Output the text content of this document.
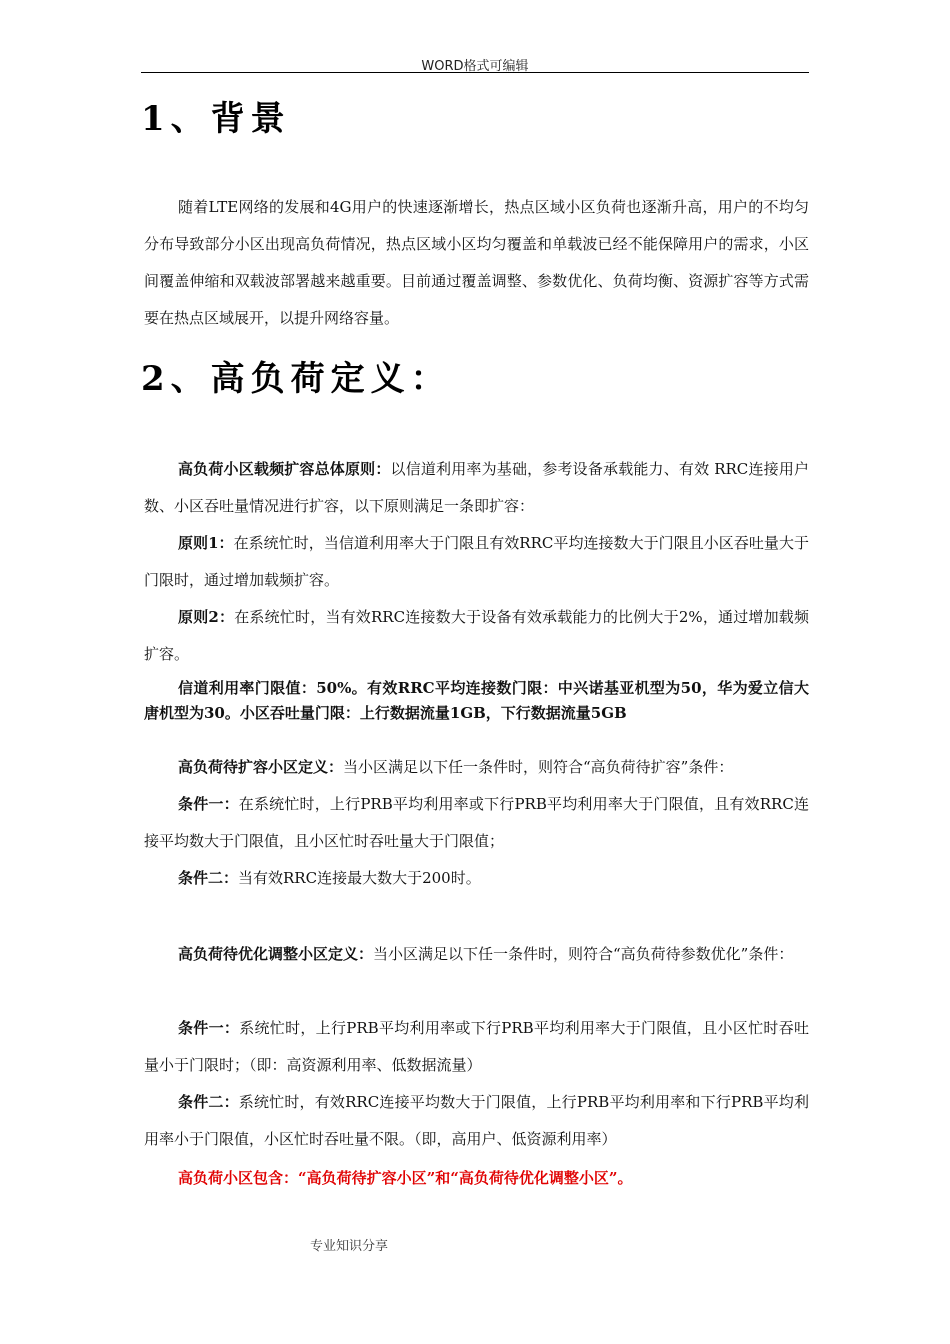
WORD格式可编辑
1、背景

随着LTE网络的发展和4G用户的快速逐渐增长，热点区域小区负荷也逐渐升高，用户的不均匀分布导致部分小区出现高负荷情况，热点区域小区均匀覆盖和单载波已经不能保障用户的需求，小区间覆盖伸缩和双载波部署越来越重要。目前通过覆盖调整、参数优化、负荷均衡、资源扩容等方式需要在热点区域展开，以提升网络容量。

2、高负荷定义：

高负荷小区载频扩容总体原则：以信道利用率为基础，参考设备承载能力、有效 RRC连接用户数、小区吞吐量情况进行扩容，以下原则满足一条即扩容：

原则1：在系统忙时，当信道利用率大于门限且有效RRC平均连接数大于门限且小区吞吐量大于门限时，通过增加载频扩容。

原则2：在系统忙时，当有效RRC连接数大于设备有效承载能力的比例大于2%，通过增加载频扩容。

信道利用率门限值：50%。有效RRC平均连接数门限：中兴诺基亚机型为50，华为爱立信大唐机型为30。小区吞吐量门限：上行数据流量1GB，下行数据流量5GB

高负荷待扩容小区定义：当小区满足以下任一条件时，则符合“高负荷待扩容”条件：

条件一：在系统忙时，上行PRB平均利用率或下行PRB平均利用率大于门限值，且有效RRC连接平均数大于门限值，且小区忙时吞吐量大于门限值；

条件二：当有效RRC连接最大数大于200时。

高负荷待优化调整小区定义：当小区满足以下任一条件时，则符合“高负荷待参数优化”条件：

条件一：系统忙时，上行PRB平均利用率或下行PRB平均利用率大于门限值，且小区忙时吞吐量小于门限时；（即：高资源利用率、低数据流量）

条件二：系统忙时，有效RRC连接平均数大于门限值，上行PRB平均利用率和下行PRB平均利用率小于门限值，小区忙时吞吐量不限。（即，高用户、低资源利用率）

高负荷小区包含：“高负荷待扩容小区”和“高负荷待优化调整小区”。

专业知识分享
